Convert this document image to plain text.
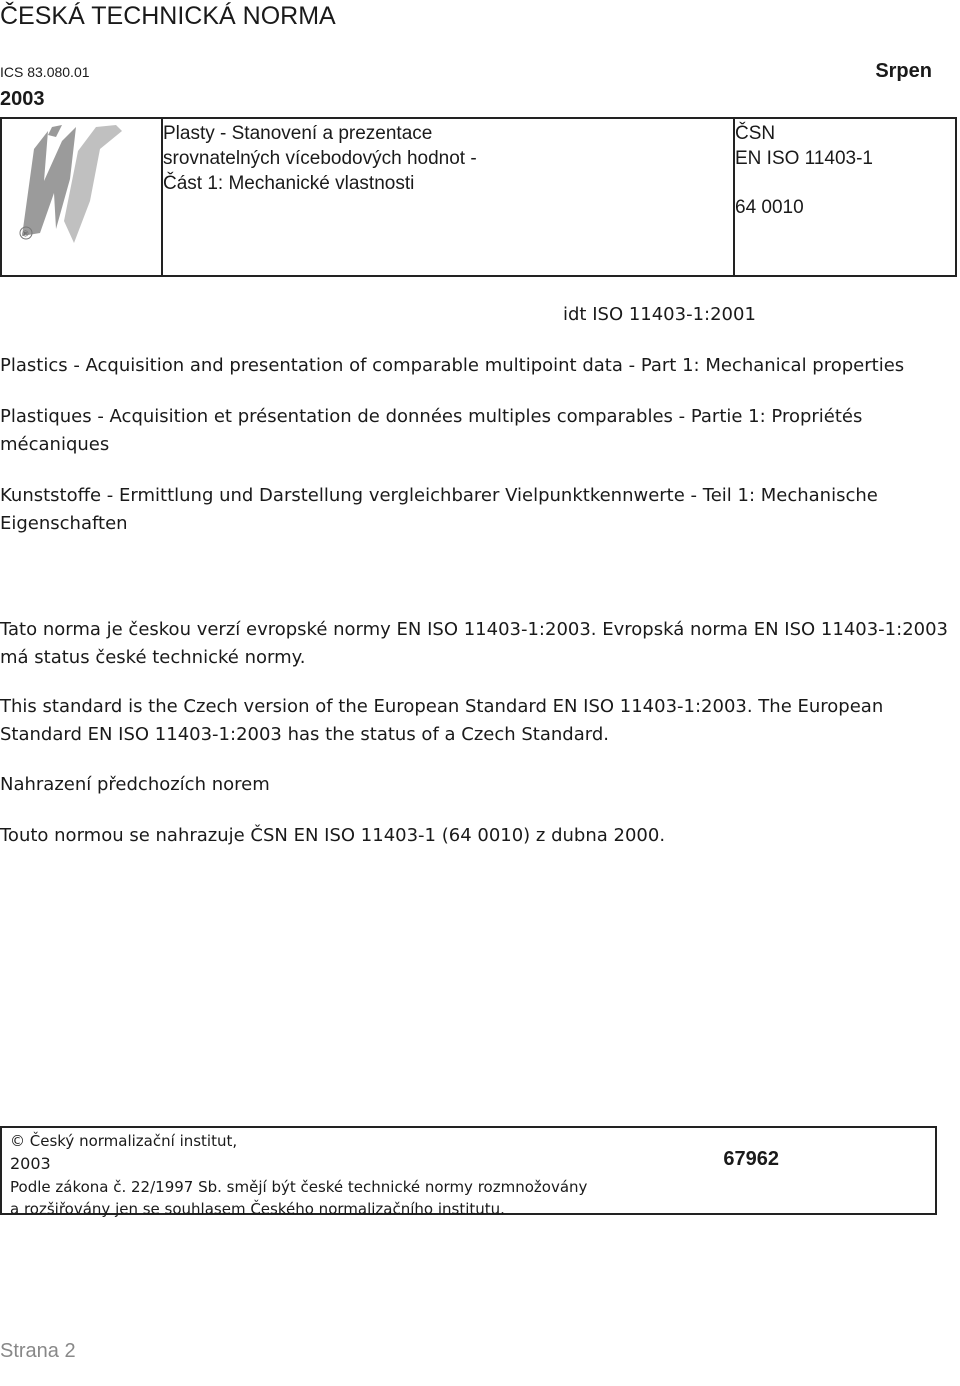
ČESKÁ TECHNICKÁ NORMA
ICS 83.080.01	Srpen
2003
®
Plasty - Stanovení a prezentace
srovnatelných vícebodových hodnot -
Část 1: Mechanické vlastnosti
ČSN
EN ISO 11403-1
64 0010
idt ISO 11403-1:2001
Plastics - Acquisition and presentation of comparable multipoint data - Part 1: Mechanical properties
Plastiques - Acquisition et présentation de données multiples comparables - Partie 1: Propriétés mécaniques
Kunststoffe - Ermittlung und Darstellung vergleichbarer Vielpunktkennwerte - Teil 1: Mechanische Eigenschaften
Tato norma je českou verzí evropské normy EN ISO 11403-1:2003. Evropská norma EN ISO 11403-1:2003 má status české technické normy.
This standard is the Czech version of the European Standard EN ISO 11403-1:2003. The European Standard EN ISO 11403-1:2003 has the status of a Czech Standard.
Nahrazení předchozích norem
Touto normou se nahrazuje ČSN EN ISO 11403-1 (64 0010) z dubna 2000.
© Český normalizační institut,
2003
Podle zákona č. 22/1997 Sb. smějí být české technické normy rozmnožovány
a rozšiřovány jen se souhlasem Českého normalizačního institutu.
67962
Strana 2
